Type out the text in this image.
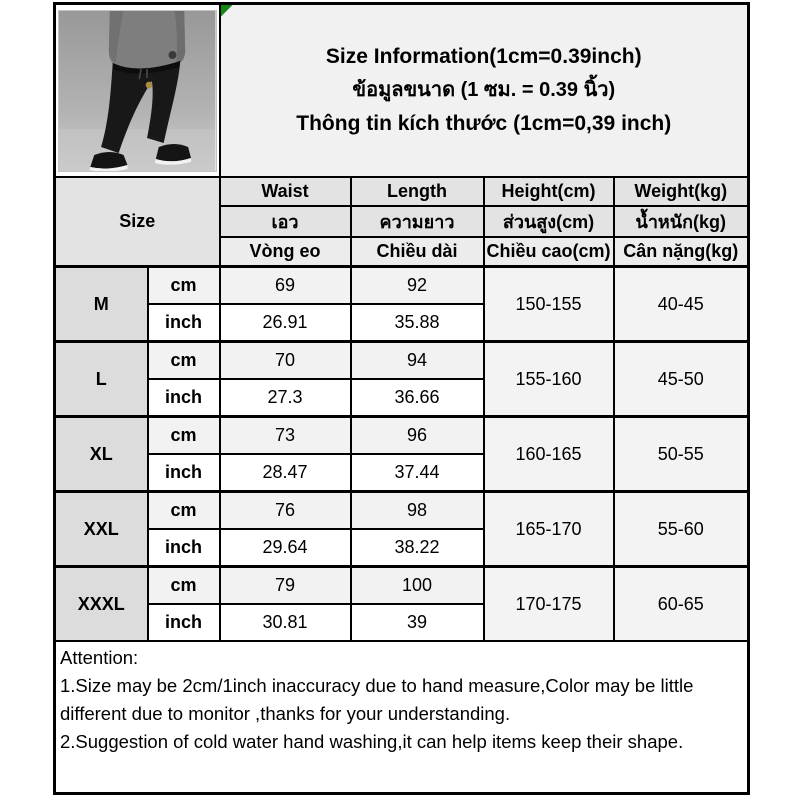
Size Information(1cm=0.39inch)
ข้อมูลขนาด (1 ซม. = 0.39 นิ้ว)
Thông tin kích thước (1cm=0,39 inch)			

Size		Waist	Length	Height(cm)	Weight(kg)
		เอว	ความยาว	ส่วนสูง(cm)	น้ำหนัก(kg)
		Vòng eo	Chiều dài	Chiều cao(cm)	Cân nặng(kg)
M	cm	69	92	150-155	40-45
	inch	26.91	35.88		
L	cm	70	94	155-160	45-50
	inch	27.3	36.66		
XL	cm	73	96	160-165	50-55
	inch	28.47	37.44		
XXL	cm	76	98	165-170	55-60
	inch	29.64	38.22		
XXXL	cm	79	100	170-175	60-65
	inch	30.81	39		

Attention:
1.Size may be 2cm/1inch inaccuracy due to hand measure,Color may be little different due to monitor ,thanks for your understanding.
2.Suggestion of cold water hand washing,it can help items keep their shape.					
